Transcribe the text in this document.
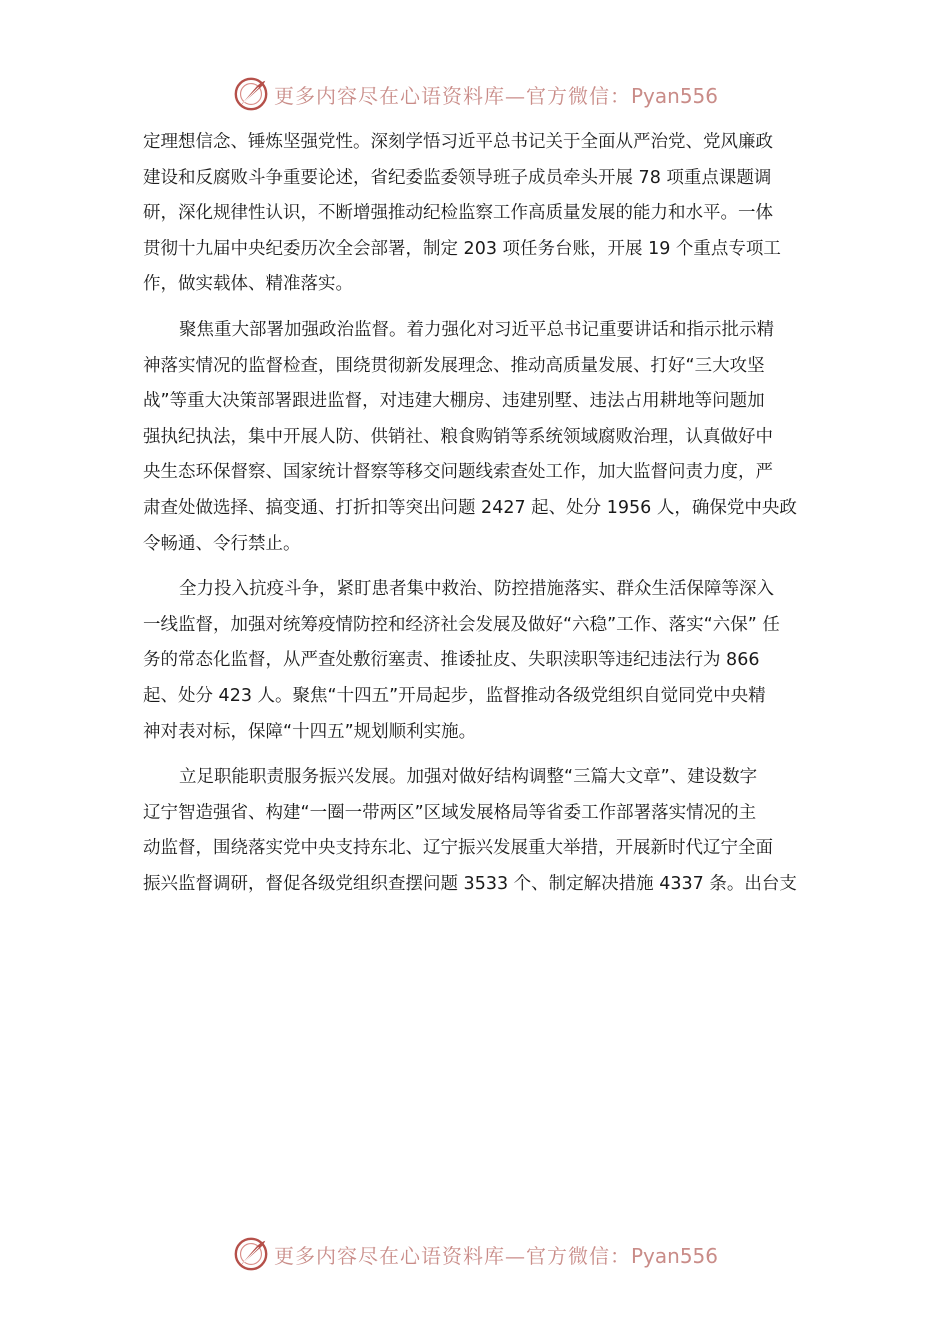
更多内容尽在心语资料库—官方微信：Pyan556

定理想信念、锤炼坚强党性。深刻学悟习近平总书记关于全面从严治党、党风廉政
建设和反腐败斗争重要论述，省纪委监委领导班子成员牵头开展 78 项重点课题调
研，深化规律性认识，不断增强推动纪检监察工作高质量发展的能力和水平。一体
贯彻十九届中央纪委历次全会部署，制定 203 项任务台账，开展 19 个重点专项工
作，做实载体、精准落实。

聚焦重大部署加强政治监督。着力强化对习近平总书记重要讲话和指示批示精
神落实情况的监督检查，围绕贯彻新发展理念、推动高质量发展、打好“三大攻坚
战”等重大决策部署跟进监督，对违建大棚房、违建别墅、违法占用耕地等问题加
强执纪执法，集中开展人防、供销社、粮食购销等系统领域腐败治理，认真做好中
央生态环保督察、国家统计督察等移交问题线索查处工作，加大监督问责力度，严
肃查处做选择、搞变通、打折扣等突出问题 2427 起、处分 1956 人，确保党中央政
令畅通、令行禁止。

全力投入抗疫斗争，紧盯患者集中救治、防控措施落实、群众生活保障等深入
一线监督，加强对统筹疫情防控和经济社会发展及做好“六稳”工作、落实“六保” 任
务的常态化监督，从严查处敷衍塞责、推诿扯皮、失职渎职等违纪违法行为 866
起、处分 423 人。聚焦“十四五”开局起步，监督推动各级党组织自觉同党中央精
神对表对标，保障“十四五”规划顺利实施。

立足职能职责服务振兴发展。加强对做好结构调整“三篇大文章”、建设数字
辽宁智造强省、构建“一圈一带两区”区域发展格局等省委工作部署落实情况的主
动监督，围绕落实党中央支持东北、辽宁振兴发展重大举措，开展新时代辽宁全面
振兴监督调研，督促各级党组织查摆问题 3533 个、制定解决措施 4337 条。出台支

更多内容尽在心语资料库—官方微信：Pyan556
